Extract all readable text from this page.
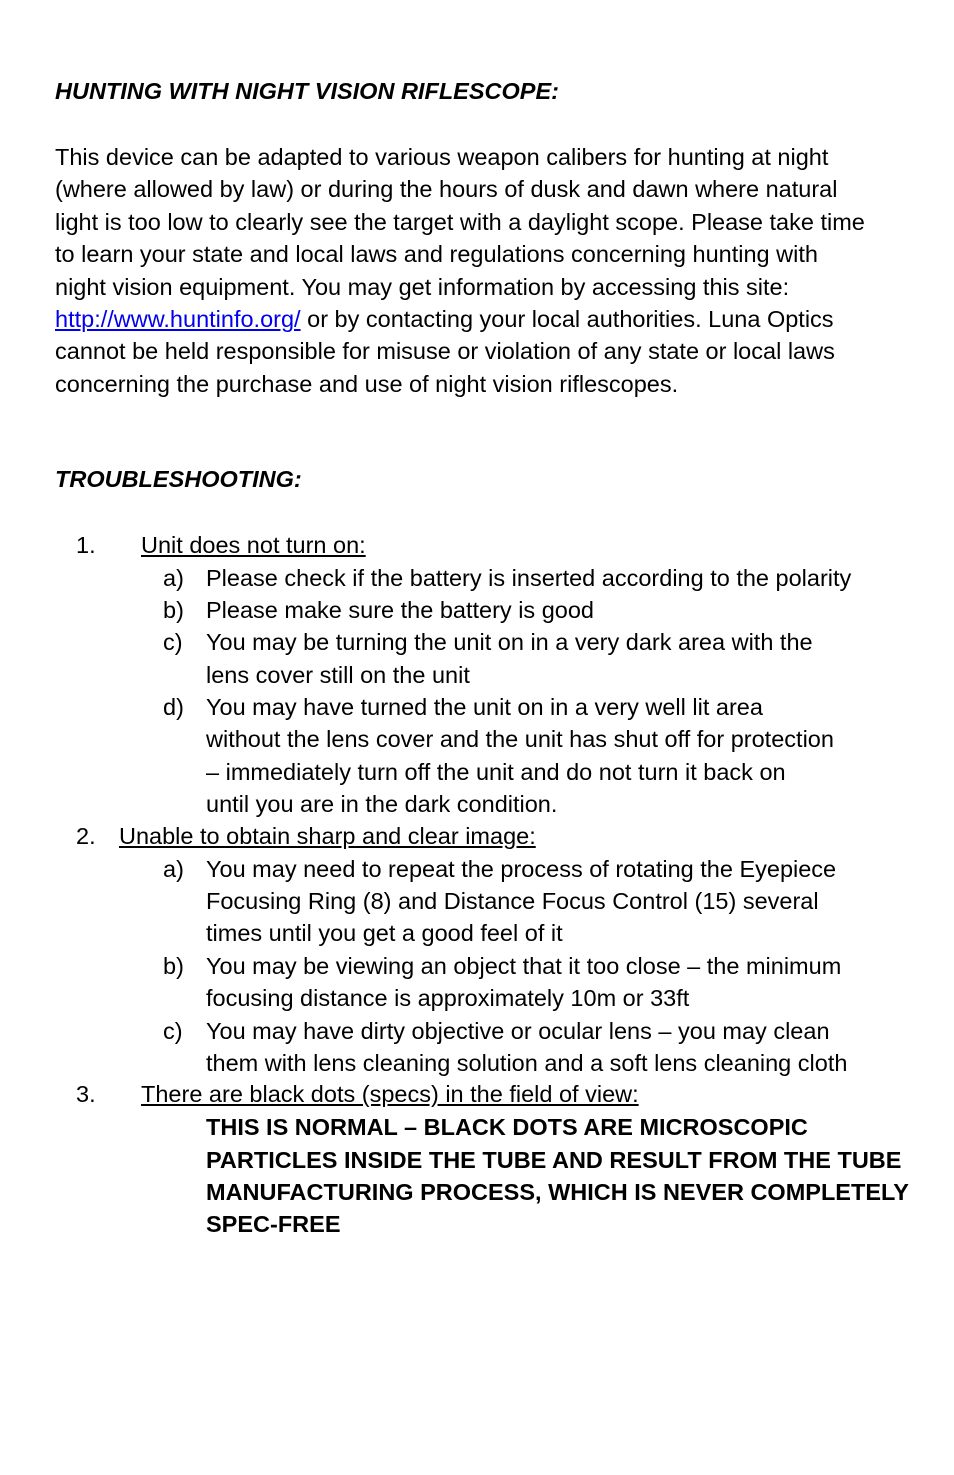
HUNTING WITH NIGHT VISION RIFLESCOPE:
This device can be adapted to various weapon calibers for hunting at night
(where allowed by law) or during the hours of dusk and dawn where natural
light is too low to clearly see the target with a daylight scope. Please take time
to learn your state and local laws and regulations concerning hunting with
night vision equipment. You may get information by accessing this site:
http://www.huntinfo.org/ or by contacting your local authorities. Luna Optics
cannot be held responsible for misuse or violation of any state or local laws
concerning the purchase and use of night vision riflescopes.
TROUBLESHOOTING:
1. Unit does not turn on:
a) Please check if the battery is inserted according to the polarity
b) Please make sure the battery is good
c) You may be turning the unit on in a very dark area with the
lens cover still on the unit
d) You may have turned the unit on in a very well lit area
without the lens cover and the unit has shut off for protection
– immediately turn off the unit and do not turn it back on
until you are in the dark condition.
2. Unable to obtain sharp and clear image:
a) You may need to repeat the process of rotating the Eyepiece
Focusing Ring (8) and Distance Focus Control (15) several
times until you get a good feel of it
b) You may be viewing an object that it too close – the minimum
focusing distance is approximately 10m or 33ft
c) You may have dirty objective or ocular lens – you may clean
them with lens cleaning solution and a soft lens cleaning cloth
3. There are black dots (specs) in the field of view:
THIS IS NORMAL – BLACK DOTS ARE MICROSCOPIC
PARTICLES INSIDE THE TUBE AND RESULT FROM THE TUBE
MANUFACTURING PROCESS, WHICH IS NEVER COMPLETELY
SPEC-FREE
